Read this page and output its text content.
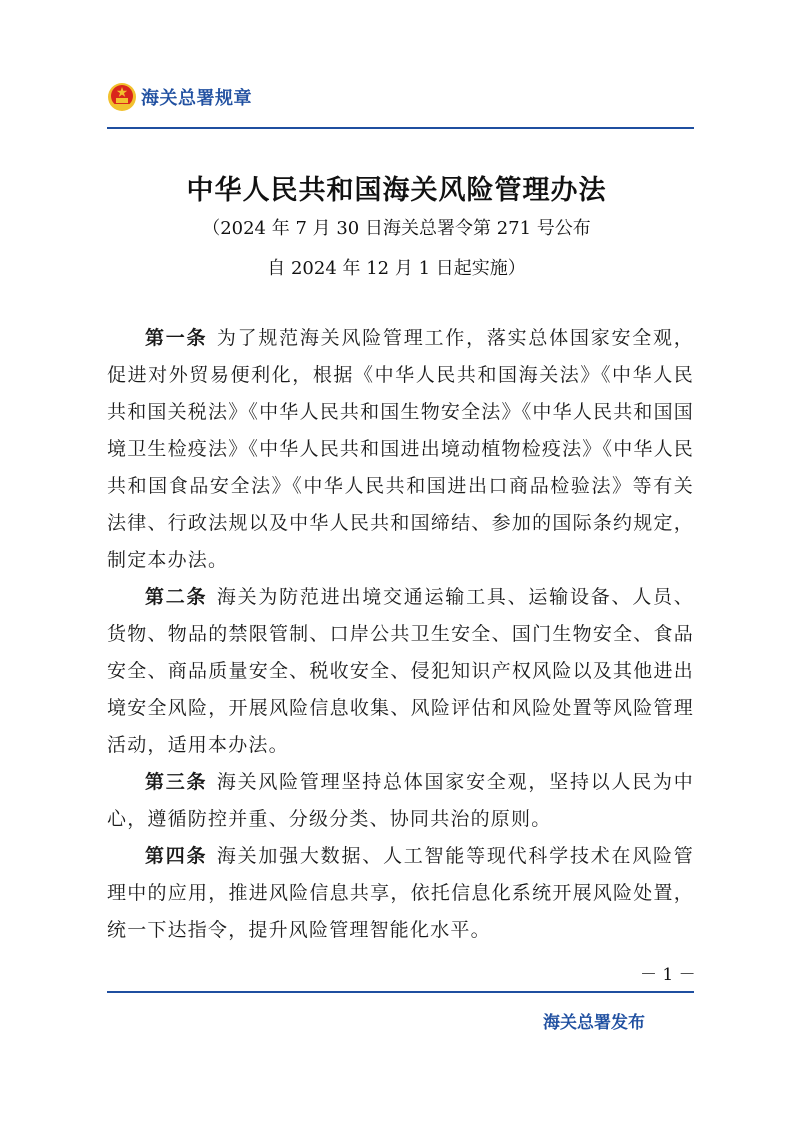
海关总署规章
中华人民共和国海关风险管理办法
（2024 年 7 月 30 日海关总署令第 271 号公布
自 2024 年 12 月 1 日起实施）

第一条 为了规范海关风险管理工作，落实总体国家安全观，促进对外贸易便利化，根据《中华人民共和国海关法》《中华人民共和国关税法》《中华人民共和国生物安全法》《中华人民共和国国境卫生检疫法》《中华人民共和国进出境动植物检疫法》《中华人民共和国食品安全法》《中华人民共和国进出口商品检验法》等有关法律、行政法规以及中华人民共和国缔结、参加的国际条约规定，制定本办法。

第二条 海关为防范进出境交通运输工具、运输设备、人员、货物、物品的禁限管制、口岸公共卫生安全、国门生物安全、食品安全、商品质量安全、税收安全、侵犯知识产权风险以及其他进出境安全风险，开展风险信息收集、风险评估和风险处置等风险管理活动，适用本办法。

第三条 海关风险管理坚持总体国家安全观，坚持以人民为中心，遵循防控并重、分级分类、协同共治的原则。

第四条 海关加强大数据、人工智能等现代科学技术在风险管理中的应用，推进风险信息共享，依托信息化系统开展风险处置，统一下达指令，提升风险管理智能化水平。

－ 1 －
海关总署发布
